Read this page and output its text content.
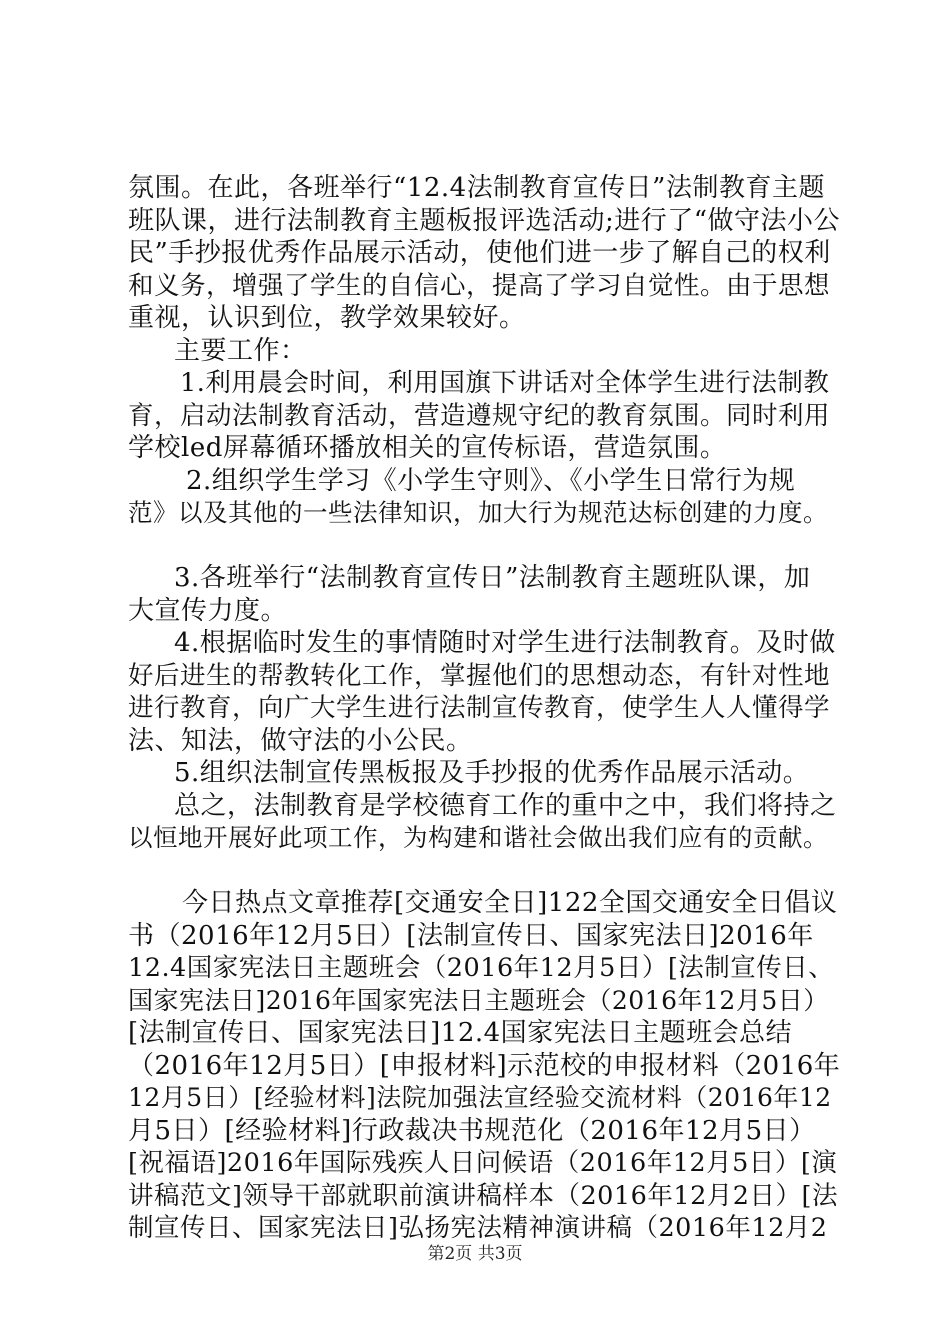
氛围。在此，各班举行“12.4法制教育宣传日”法制教育主题
班队课，进行法制教育主题板报评选活动;进行了“做守法小公
民”手抄报优秀作品展示活动，使他们进一步了解自己的权利
和义务，增强了学生的自信心，提高了学习自觉性。由于思想
重视，认识到位，教学效果较好。
主要工作：
1.利用晨会时间，利用国旗下讲话对全体学生进行法制教
育，启动法制教育活动，营造遵规守纪的教育氛围。同时利用
学校led屏幕循环播放相关的宣传标语，营造氛围。
2.组织学生学习《小学生守则》、《小学生日常行为规
范》以及其他的一些法律知识，加大行为规范达标创建的力度。
3.各班举行“法制教育宣传日”法制教育主题班队课，加
大宣传力度。
4.根据临时发生的事情随时对学生进行法制教育。及时做
好后进生的帮教转化工作，掌握他们的思想动态，有针对性地
进行教育，向广大学生进行法制宣传教育，使学生人人懂得学
法、知法，做守法的小公民。
5.组织法制宣传黑板报及手抄报的优秀作品展示活动。
总之，法制教育是学校德育工作的重中之中，我们将持之
以恒地开展好此项工作，为构建和谐社会做出我们应有的贡献。
今日热点文章推荐[交通安全日]122全国交通安全日倡议
书（2016年12月5日）[法制宣传日、国家宪法日]2016年
12.4国家宪法日主题班会（2016年12月5日）[法制宣传日、
国家宪法日]2016年国家宪法日主题班会（2016年12月5日）
[法制宣传日、国家宪法日]12.4国家宪法日主题班会总结
（2016年12月5日）[申报材料]示范校的申报材料（2016年
12月5日）[经验材料]法院加强法宣经验交流材料（2016年12
月5日）[经验材料]行政裁决书规范化（2016年12月5日）
[祝福语]2016年国际残疾人日问候语（2016年12月5日）[演
讲稿范文]领导干部就职前演讲稿样本（2016年12月2日）[法
制宣传日、国家宪法日]弘扬宪法精神演讲稿（2016年12月2
第2页 共3页
